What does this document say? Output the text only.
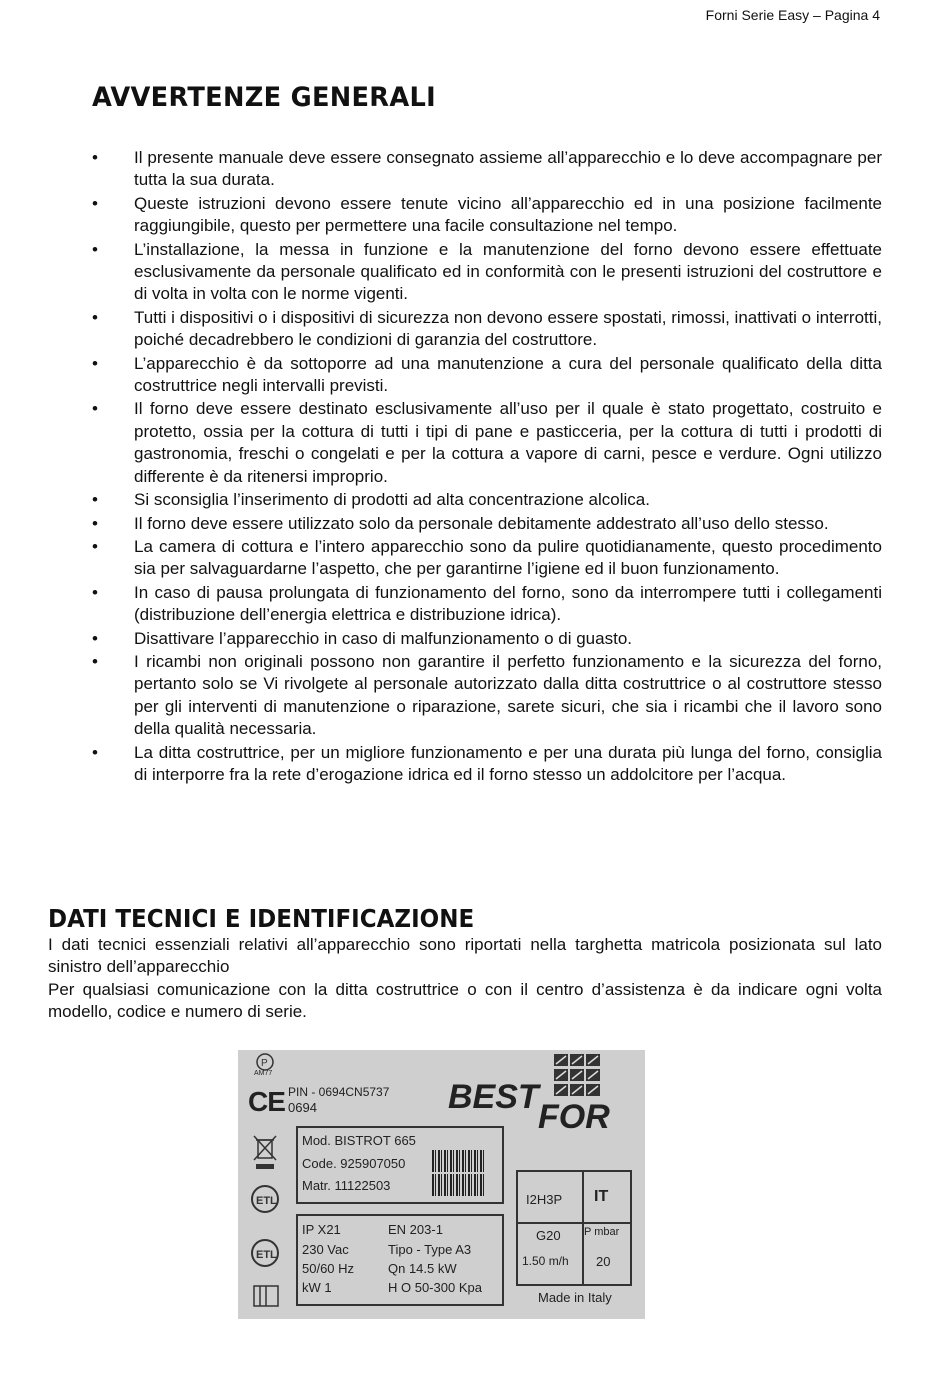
Forni Serie Easy – Pagina 4
AVVERTENZE GENERALI
• Il presente manuale deve essere consegnato assieme all’apparecchio e lo deve accompagnare per tutta la sua durata.
• Queste istruzioni devono essere tenute vicino all’apparecchio ed in una posizione facilmente raggiungibile, questo per permettere una facile consultazione nel tempo.
• L’installazione, la messa in funzione e la manutenzione del forno devono essere effettuate esclusivamente da personale qualificato ed in conformità con le presenti istruzioni del costruttore e di volta in volta con le norme vigenti.
• Tutti i dispositivi o i dispositivi di sicurezza non devono essere spostati, rimossi, inattivati o interrotti, poiché decadrebbero le condizioni di garanzia del costruttore.
• L’apparecchio è da sottoporre ad una manutenzione a cura del personale qualificato della ditta costruttrice negli intervalli previsti.
• Il forno deve essere destinato esclusivamente all’uso per il quale è stato progettato, costruito e protetto, ossia per la cottura di tutti i tipi di pane e pasticceria, per la cottura di tutti i prodotti di gastronomia, freschi o congelati e per la cottura a vapore di carni, pesce e verdure. Ogni utilizzo differente è da ritenersi improprio.
• Si sconsiglia l’inserimento di prodotti ad alta concentrazione alcolica.
• Il forno deve essere utilizzato solo da personale debitamente addestrato all’uso dello stesso.
• La camera di cottura e l’intero apparecchio sono da pulire quotidianamente, questo procedimento sia per salvaguardarne l’aspetto, che per garantirne l’igiene ed il buon funzionamento.
• In caso di pausa prolungata di funzionamento del forno, sono da interrompere tutti i collegamenti (distribuzione dell’energia elettrica e distribuzione idrica).
• Disattivare l’apparecchio in caso di malfunzionamento o di guasto.
• I ricambi non originali possono non garantire il perfetto funzionamento e la sicurezza del forno, pertanto solo se Vi rivolgete al personale autorizzato dalla ditta costruttrice o al costruttore stesso per gli interventi di manutenzione o riparazione, sarete sicuri, che sia i ricambi che il lavoro sono della qualità necessaria.
• La ditta costruttrice, per un migliore funzionamento e per una durata più lunga del forno, consiglia di interporre fra la rete d’erogazione idrica ed il forno stesso un addolcitore per l’acqua.
DATI TECNICI E IDENTIFICAZIONE

I dati tecnici essenziali relativi all’apparecchio sono riportati nella targhetta matricola posizionata sul lato sinistro dell’apparecchio

Per qualsiasi comunicazione con la ditta costruttrice o con il centro d’assistenza è da indicare ogni volta modello, codice e numero di serie.

P
AM77
CE PIN - 0694CN5737
0694	BEST
FOR
ETL
ETL
Mod. BISTROT 665
Code. 925907050
Matr. 11122503
IP X21
230 Vac
50/60 Hz
kW 1
EN 203-1
Tipo - Type A3
Qn 14.5 kW
H O 50-300 Kpa
I2H3P IT
G20 P mbar
1.50 m/h 20
Made in Italy
